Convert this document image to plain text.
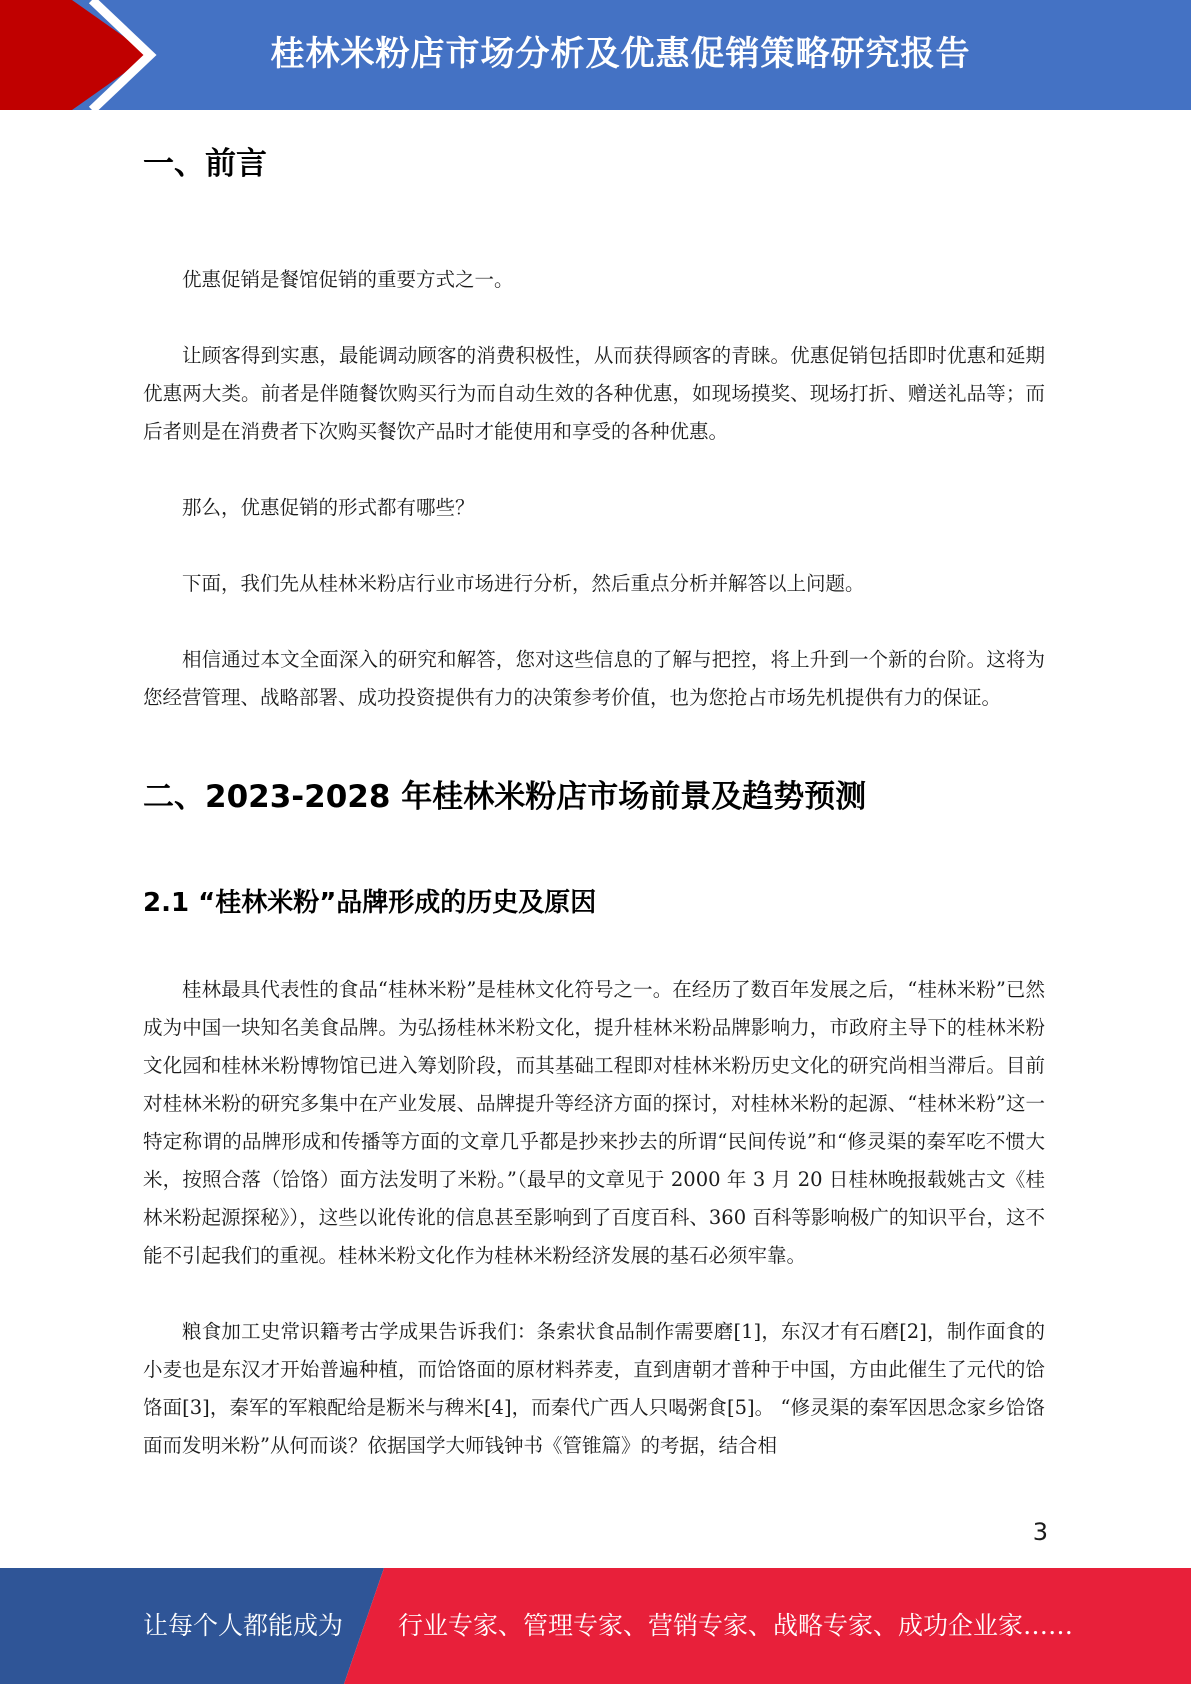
桂林米粉店市场分析及优惠促销策略研究报告
一、前言

优惠促销是餐馆促销的重要方式之一。

让顾客得到实惠，最能调动顾客的消费积极性，从而获得顾客的青睐。优惠促销包括即时优惠和延期优惠两大类。前者是伴随餐饮购买行为而自动生效的各种优惠，如现场摸奖、现场打折、赠送礼品等；而后者则是在消费者下次购买餐饮产品时才能使用和享受的各种优惠。

那么，优惠促销的形式都有哪些？

下面，我们先从桂林米粉店行业市场进行分析，然后重点分析并解答以上问题。

相信通过本文全面深入的研究和解答，您对这些信息的了解与把控，将上升到一个新的台阶。这将为您经营管理、战略部署、成功投资提供有力的决策参考价值，也为您抢占市场先机提供有力的保证。

二、2023-2028 年桂林米粉店市场前景及趋势预测
2.1 “桂林米粉”品牌形成的历史及原因

桂林最具代表性的食品“桂林米粉”是桂林文化符号之一。在经历了数百年发展之后，“桂林米粉”已然成为中国一块知名美食品牌。为弘扬桂林米粉文化，提升桂林米粉品牌影响力，市政府主导下的桂林米粉文化园和桂林米粉博物馆已进入筹划阶段，而其基础工程即对桂林米粉历史文化的研究尚相当滞后。目前对桂林米粉的研究多集中在产业发展、品牌提升等经济方面的探讨，对桂林米粉的起源、“桂林米粉”这一特定称谓的品牌形成和传播等方面的文章几乎都是抄来抄去的所谓“民间传说”和“修灵渠的秦军吃不惯大米，按照合落（饸饹）面方法发明了米粉。”（最早的文章见于 2000 年 3 月 20 日桂林晚报载姚古文《桂林米粉起源探秘》），这些以讹传讹的信息甚至影响到了百度百科、360 百科等影响极广的知识平台，这不能不引起我们的重视。桂林米粉文化作为桂林米粉经济发展的基石必须牢靠。

粮食加工史常识籍考古学成果告诉我们：条索状食品制作需要磨[1]，东汉才有石磨[2]，制作面食的小麦也是东汉才开始普遍种植，而饸饹面的原材料荞麦，直到唐朝才普种于中国，方由此催生了元代的饸饹面[3]，秦军的军粮配给是粝米与稗米[4]，而秦代广西人只喝粥食[5]。 “修灵渠的秦军因思念家乡饸饹面而发明米粉”从何而谈？依据国学大师钱钟书《管锥篇》的考据，结合相

3
让每个人都能成为 行业专家、管理专家、营销专家、战略专家、成功企业家……
